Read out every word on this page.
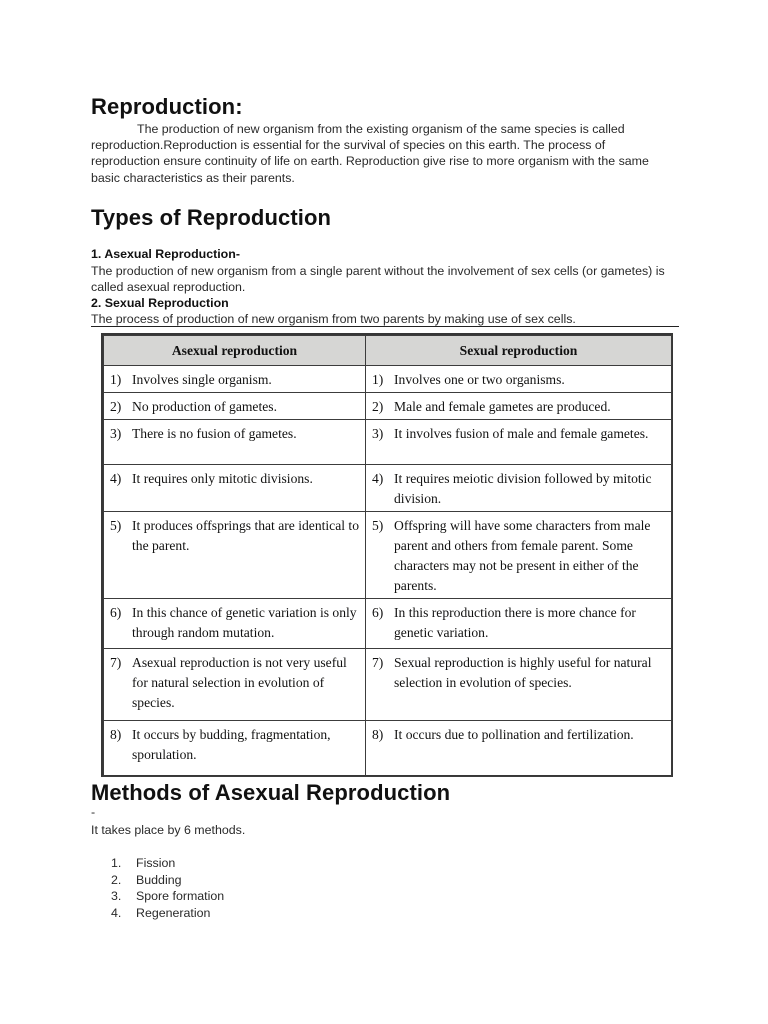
Reproduction:
The production of new organism from the existing organism of the same species is called reproduction.Reproduction is essential for the survival of species on this earth. The process of reproduction ensure continuity of life on earth. Reproduction give rise to more organism with the same basic characteristics as their parents.
Types of Reproduction
1. Asexual Reproduction-
The production of new organism from a single parent without the involvement of sex cells (or gametes) is called asexual reproduction.
2. Sexual Reproduction
The process of production of new organism from two parents by making use of sex cells.
Asexual reproduction	Sexual reproduction

1) Involves single organism.	1) Involves one or two organisms.

2) No production of gametes.	2) Male and female gametes are produced.

3) There is no fusion of gametes.	3) It involves fusion of male and female gametes.

4) It requires only mitotic divisions.	4) It requires meiotic division followed by mitotic division.

5) It produces offsprings that are identical to the parent.	5) Offspring will have some characters from male parent and others from female parent. Some characters may not be present in either of the parents.

6) In this chance of genetic variation is only through random mutation.	6) In this reproduction there is more chance for genetic variation.

7) Asexual reproduction is not very useful for natural selection in evolution of species.	7) Sexual reproduction is highly useful for natural selection in evolution of species.

8) It occurs by budding, fragmentation, sporulation.	8) It occurs due to pollination and fertilization.
Methods of Asexual Reproduction
-
It takes place by 6 methods.
1.	Fission
2.	Budding
3.	Spore formation
4.	Regeneration
